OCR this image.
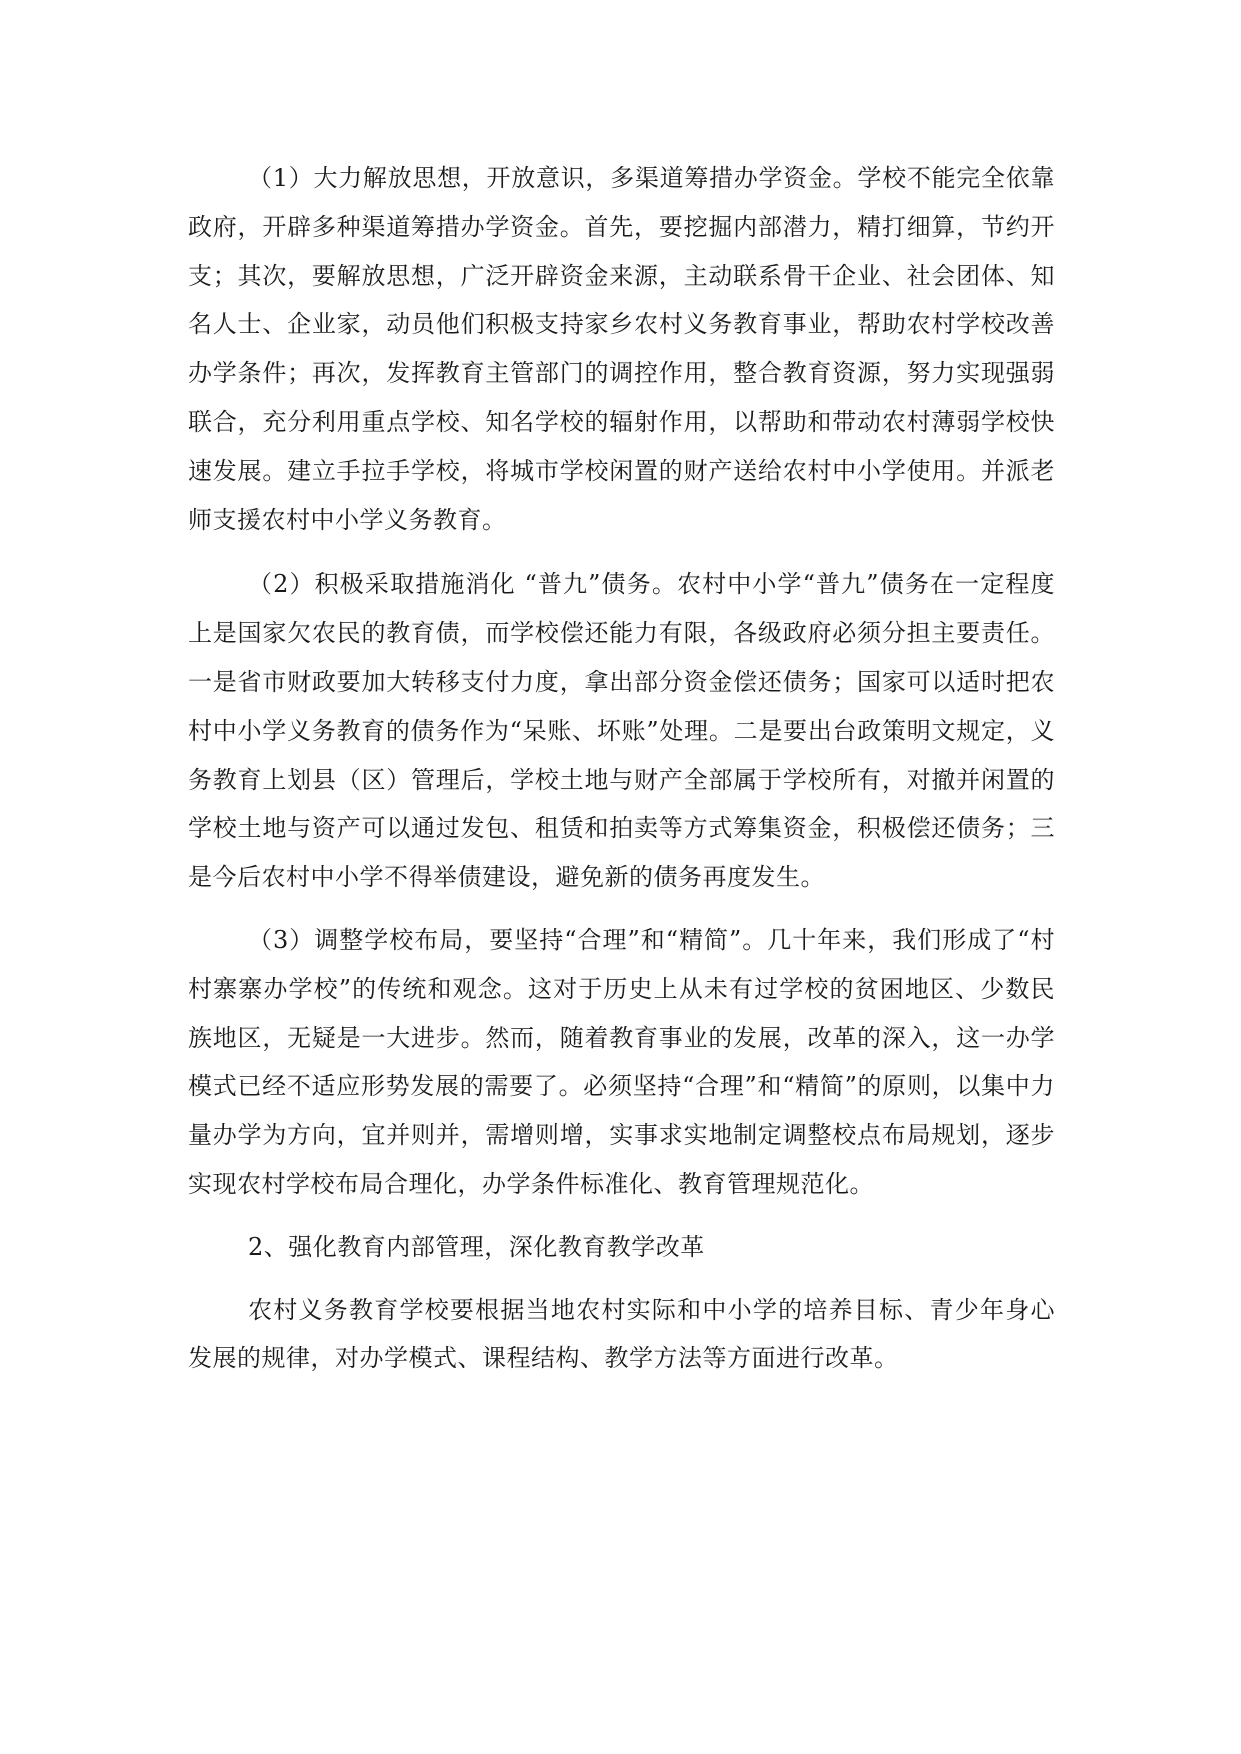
（1）大力解放思想，开放意识，多渠道筹措办学资金。学校不能完全依靠政府，开辟多种渠道筹措办学资金。首先，要挖掘内部潜力，精打细算，节约开支；其次，要解放思想，广泛开辟资金来源，主动联系骨干企业、社会团体、知名人士、企业家，动员他们积极支持家乡农村义务教育事业，帮助农村学校改善办学条件；再次，发挥教育主管部门的调控作用，整合教育资源，努力实现强弱联合，充分利用重点学校、知名学校的辐射作用，以帮助和带动农村薄弱学校快速发展。建立手拉手学校，将城市学校闲置的财产送给农村中小学使用。并派老师支援农村中小学义务教育。

（2）积极采取措施消化 “普九”债务。农村中小学“普九”债务在一定程度上是国家欠农民的教育债，而学校偿还能力有限，各级政府必须分担主要责任。一是省市财政要加大转移支付力度，拿出部分资金偿还债务；国家可以适时把农村中小学义务教育的债务作为“呆账、坏账”处理。二是要出台政策明文规定，义务教育上划县（区）管理后，学校土地与财产全部属于学校所有，对撤并闲置的学校土地与资产可以通过发包、租赁和拍卖等方式筹集资金，积极偿还债务；三是今后农村中小学不得举债建设，避免新的债务再度发生。

（3）调整学校布局，要坚持“合理”和“精简”。几十年来，我们形成了“村村寨寨办学校”的传统和观念。这对于历史上从未有过学校的贫困地区、少数民族地区，无疑是一大进步。然而，随着教育事业的发展，改革的深入，这一办学模式已经不适应形势发展的需要了。必须坚持“合理”和“精简”的原则，以集中力量办学为方向，宜并则并，需增则增，实事求实地制定调整校点布局规划，逐步实现农村学校布局合理化，办学条件标准化、教育管理规范化。

2、强化教育内部管理，深化教育教学改革

农村义务教育学校要根据当地农村实际和中小学的培养目标、青少年身心发展的规律，对办学模式、课程结构、教学方法等方面进行改革。
